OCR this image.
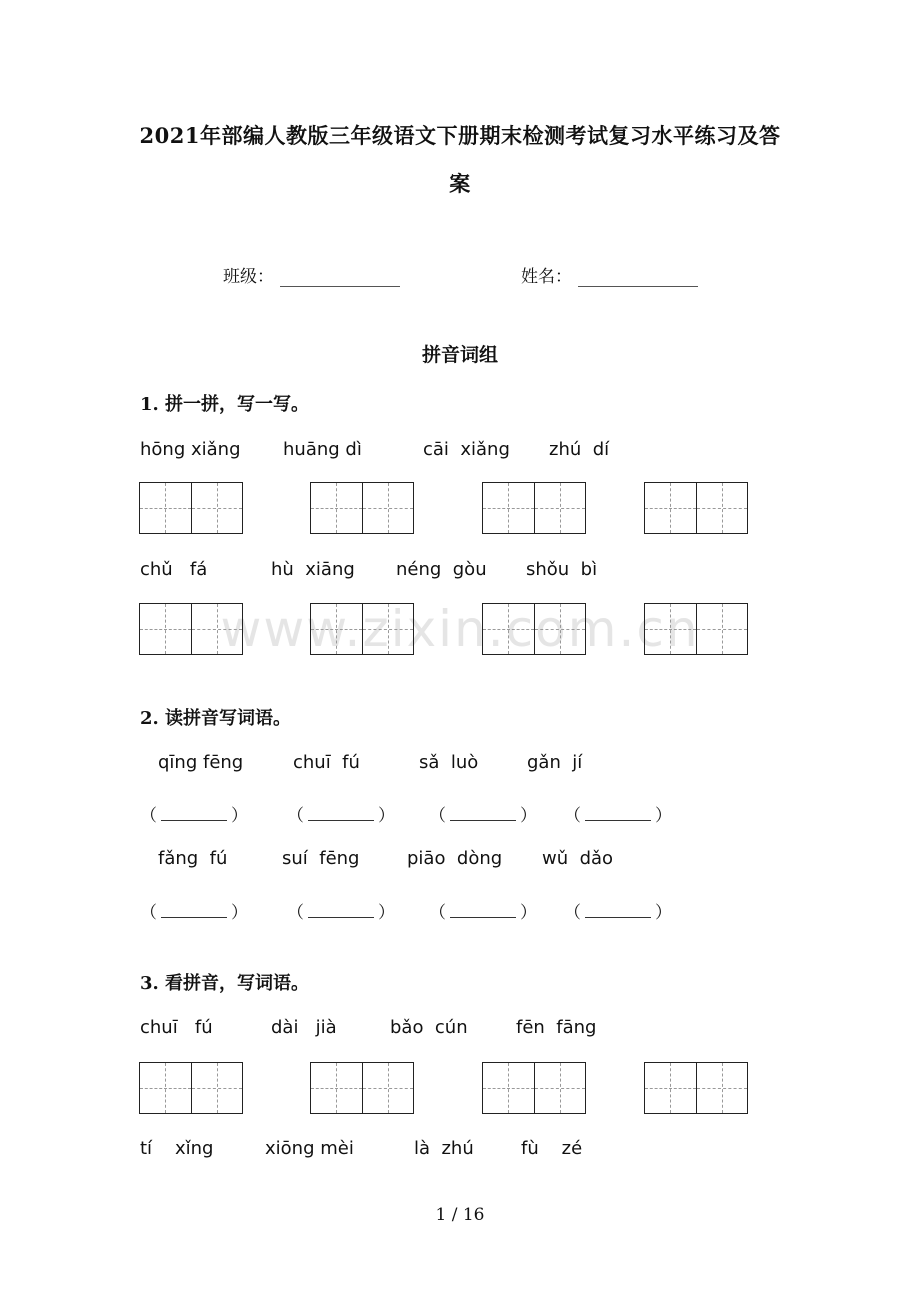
2021年部编人教版三年级语文下册期末检测考试复习水平练习及答
案
班级：	姓名：
拼音词组
www.zixin.com.cn
1. 拼一拼，写一写。
hōng xiǎng huāng dì	cāi  xiǎng zhú  dí
chǔ   fá	hù  xiāng néng  gòu shǒu  bì
2. 读拼音写词语。
qīng fēng	chuī  fú	sǎ  luò	gǎn  jí
（	） （	） （	） （	）
fǎng  fú	suí  fēng	piāo  dòng wǔ  dǎo
（	） （	） （	） （	）
3. 看拼音，写词语。
chuī   fú	dài   jià	bǎo  cún	fēn  fāng
tí    xǐng	xiōng mèi	là  zhú	fù    zé
1 / 16
